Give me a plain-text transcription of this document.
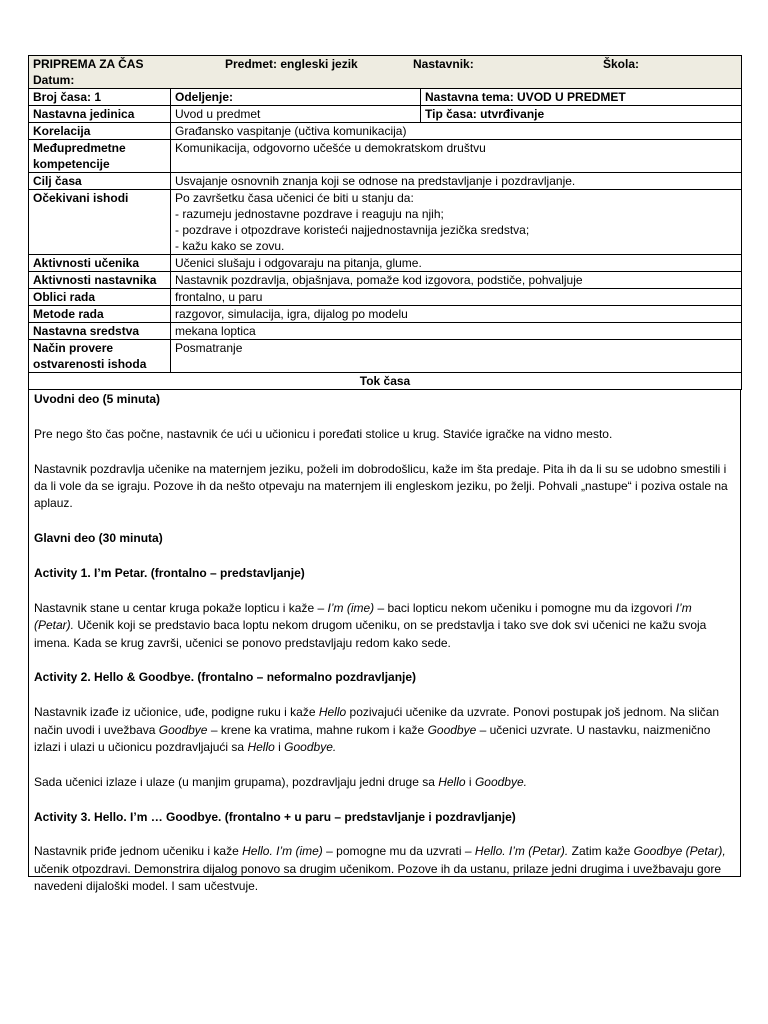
PRIPREMA ZA ČAS Predmet: engleski jezik Nastavnik: Škola:
Datum:		

Broj časa: 1	Odeljenje:	Nastavna tema: UVOD U PREDMET
Nastavna jedinica	Uvod u predmet	Tip časa: utvrđivanje
Korelacija	Građansko vaspitanje (učtiva komunikacija)	
Međupredmetne kompetencije	Komunikacija, odgovorno učešće u demokratskom društvu	
Cilj časa	Usvajanje osnovnih znanja koji se odnose na predstavljanje i pozdravljanje.	
Očekivani ishodi	Po završetku časa učenici će biti u stanju da:
- razumeju jednostavne pozdrave i reaguju na njih;
- pozdrave i otpozdrave koristeći najjednostavnija jezička sredstva;
- kažu kako se zovu.	

Aktivnosti učenika	Učenici slušaju i odgovaraju na pitanja, glume.	
Aktivnosti nastavnika	Nastavnik pozdravlja, objašnjava, pomaže kod izgovora, podstiče, pohvaljuje	
Oblici rada	frontalno, u paru	
Metode rada	razgovor, simulacija, igra, dijalog po modelu	
Nastavna sredstva	mekana loptica	
Način provere ostvarenosti ishoda	Posmatranje	
Tok časa		

Uvodni deo (5 minuta)

Pre nego što čas počne, nastavnik će ući u učionicu i poređati stolice u krug. Staviće igračke na vidno mesto.

Nastavnik pozdravlja učenike na maternjem jeziku, poželi im dobrodošlicu, kaže im šta predaje. Pita ih da li su se udobno smestili i da li vole da se igraju. Pozove ih da nešto otpevaju na maternjem ili engleskom jeziku, po želji. Pohvali „nastupe“ i poziva ostale na aplauz.

Glavni deo (30 minuta)

Activity 1. I’m Petar. (frontalno – predstavljanje)

Nastavnik stane u centar kruga pokaže lopticu i kaže – I’m (ime) – baci lopticu nekom učeniku i pomogne mu da izgovori I’m (Petar). Učenik koji se predstavio baca loptu nekom drugom učeniku, on se predstavlja i tako sve dok svi učenici ne kažu svoja imena. Kada se krug završi, učenici se ponovo predstavljaju redom kako sede.

Activity 2. Hello & Goodbye. (frontalno – neformalno pozdravljanje)

Nastavnik izađe iz učionice, uđe, podigne ruku i kaže Hello pozivajući učenike da uzvrate. Ponovi postupak još jednom. Na sličan način uvodi i uvežbava Goodbye – krene ka vratima, mahne rukom i kaže Goodbye – učenici uzvrate. U nastavku, naizmenično izlazi i ulazi u učionicu pozdravljajući sa Hello i Goodbye.

Sada učenici izlaze i ulaze (u manjim grupama), pozdravljaju jedni druge sa Hello i Goodbye.

Activity 3. Hello. I’m … Goodbye. (frontalno + u paru – predstavljanje i pozdravljanje)

Nastavnik priđe jednom učeniku i kaže Hello. I’m (ime) – pomogne mu da uzvrati – Hello. I’m (Petar). Zatim kaže Goodbye (Petar), učenik otpozdravi. Demonstrira dijalog ponovo sa drugim učenikom. Pozove ih da ustanu, prilaze jedni drugima i uvežbavaju gore navedeni dijaloški model. I sam učestvuje.
